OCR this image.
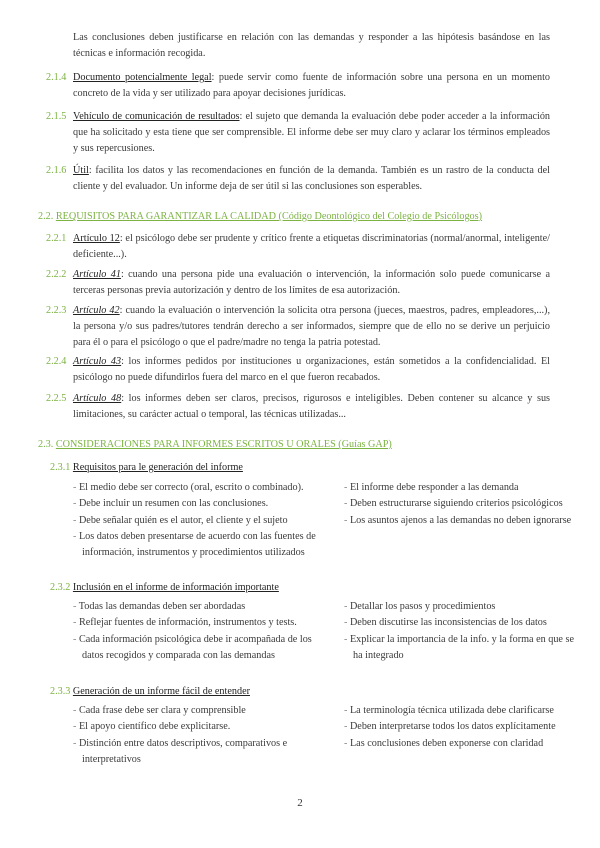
Las conclusiones deben justificarse en relación con las demandas y responder a las hipótesis basándose en las técnicas e información recogida.
2.1.4 Documento potencialmente legal: puede servir como fuente de información sobre una persona en un momento concreto de la vida y ser utilizado para apoyar decisiones jurídicas.
2.1.5 Vehículo de comunicación de resultados: el sujeto que demanda la evaluación debe poder acceder a la información que ha solicitado y esta tiene que ser comprensible. El informe debe ser muy claro y aclarar los términos empleados y sus repercusiones.
2.1.6 Útil: facilita los datos y las recomendaciones en función de la demanda. También es un rastro de la conducta del cliente y del evaluador. Un informe deja de ser útil si las conclusiones son esperables.
2.2. REQUISITOS PARA GARANTIZAR LA CALIDAD (Código Deontológico del Colegio de Psicólogos)
2.2.1 Artículo 12: el psicólogo debe ser prudente y crítico frente a etiquetas discriminatorias (normal/anormal, inteligente/ deficiente...).
2.2.2 Artículo 41: cuando una persona pide una evaluación o intervención, la información solo puede comunicarse a terceras personas previa autorización y dentro de los límites de esa autorización.
2.2.3 Artículo 42: cuando la evaluación o intervención la solicita otra persona (jueces, maestros, padres, empleadores,...), la persona y/o sus padres/tutores tendrán derecho a ser informados, siempre que de ello no se derive un perjuicio para él o para el psicólogo o que el padre/madre no tenga la patria potestad.
2.2.4 Artículo 43: los informes pedidos por instituciones u organizaciones, están sometidos a la confidencialidad. El psicólogo no puede difundirlos fuera del marco en el que fueron recabados.
2.2.5 Artículo 48: los informes deben ser claros, precisos, rigurosos e inteligibles. Deben contener su alcance y sus limitaciones, su carácter actual o temporal, las técnicas utilizadas...
2.3. CONSIDERACIONES PARA INFORMES ESCRITOS U ORALES (Guías GAP)
2.3.1 Requisitos para le generación del informe
- El medio debe ser correcto (oral, escrito o combinado).
- Debe incluir un resumen con las conclusiones.
- Debe señalar quién es el autor, el cliente y el sujeto
- Los datos deben presentarse de acuerdo con las fuentes de información, instrumentos y procedimientos utilizados
- El informe debe responder a las demanda
- Deben estructurarse siguiendo criterios psicológicos
- Los asuntos ajenos a las demandas no deben ignorarse
2.3.2 Inclusión en el informe de información importante
- Todas las demandas deben ser abordadas
- Reflejar fuentes de información, instrumentos y tests.
- Cada información psicológica debe ir acompañada de los datos recogidos y comparada con las demandas
- Detallar los pasos y procedimientos
- Deben discutirse las inconsistencias de los datos
- Explicar la importancia de la info. y la forma en que se ha integrado
2.3.3 Generación de un informe fácil de entender
- Cada frase debe ser clara y comprensible
- El apoyo científico debe explicitarse.
- Distinción entre datos descriptivos, comparativos e interpretativos
- La terminología técnica utilizada debe clarificarse
- Deben interpretarse todos los datos explícitamente
- Las conclusiones deben exponerse con claridad
2
